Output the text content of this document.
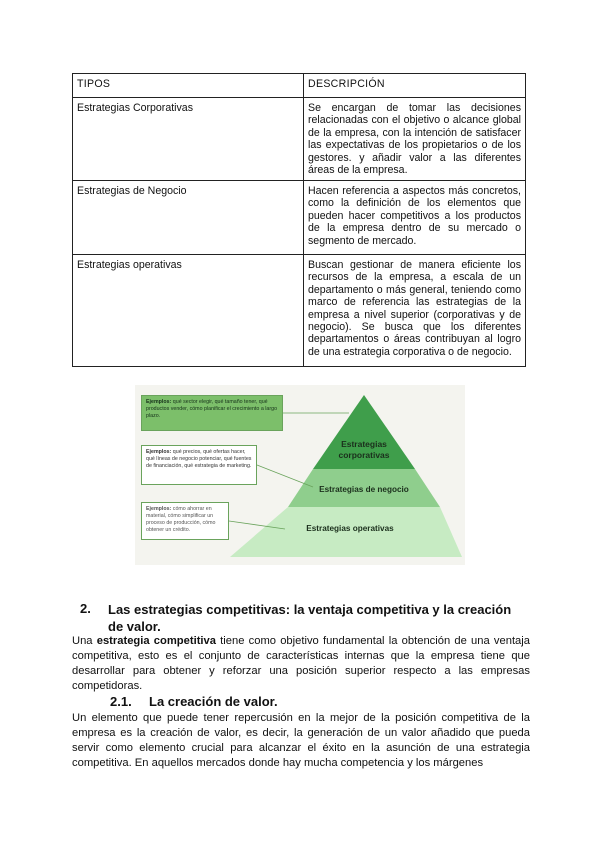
TIPOS	DESCRIPCIÓN
Estrategias Corporativas	Se encargan de tomar las decisiones relacionadas con el objetivo o alcance global de la empresa, con la intención de satisfacer las expectativas de los propietarios o de los gestores. y añadir valor a las diferentes áreas de la empresa.
Estrategias de Negocio	Hacen referencia a aspectos más concretos, como la definición de los elementos que pueden hacer competitivos a los productos de la empresa dentro de su mercado o segmento de mercado.
Estrategias operativas	Buscan gestionar de manera eficiente los recursos de la empresa, a escala de un departamento o más general, teniendo como marco de referencia las estrategias de la empresa a nivel superior (corporativas y de negocio). Se busca que los diferentes departamentos o áreas contribuyan al logro de una estrategia corporativa o de negocio.
Estrategias
corporativas
Estrategias de negocio
Estrategias operativas
Ejemplos: qué sector elegir, qué tamaño tener, qué productos vender, cómo planificar el crecimiento a largo plazo.
Ejemplos: qué precios, qué ofertas hacer, qué líneas de negocio potenciar, qué fuentes de financiación, qué estrategia de marketing.
Ejemplos: cómo ahorrar en material, cómo simplificar un proceso de producción, cómo obtener un crédito.
2. Las estrategias competitivas: la ventaja competitiva y la creación de valor.

Una estrategia competitiva tiene como objetivo fundamental la obtención de una ventaja competitiva, esto es el conjunto de características internas que la empresa tiene que desarrollar para obtener y reforzar una posición superior respecto a las empresas competidoras.

2.1. La creación de valor.

Un elemento que puede tener repercusión en la mejor de la posición competitiva de la empresa es la creación de valor, es decir, la generación de un valor añadido que pueda servir como elemento crucial para alcanzar el éxito en la asunción de una estrategia competitiva. En aquellos mercados donde hay mucha competencia y los márgenes
